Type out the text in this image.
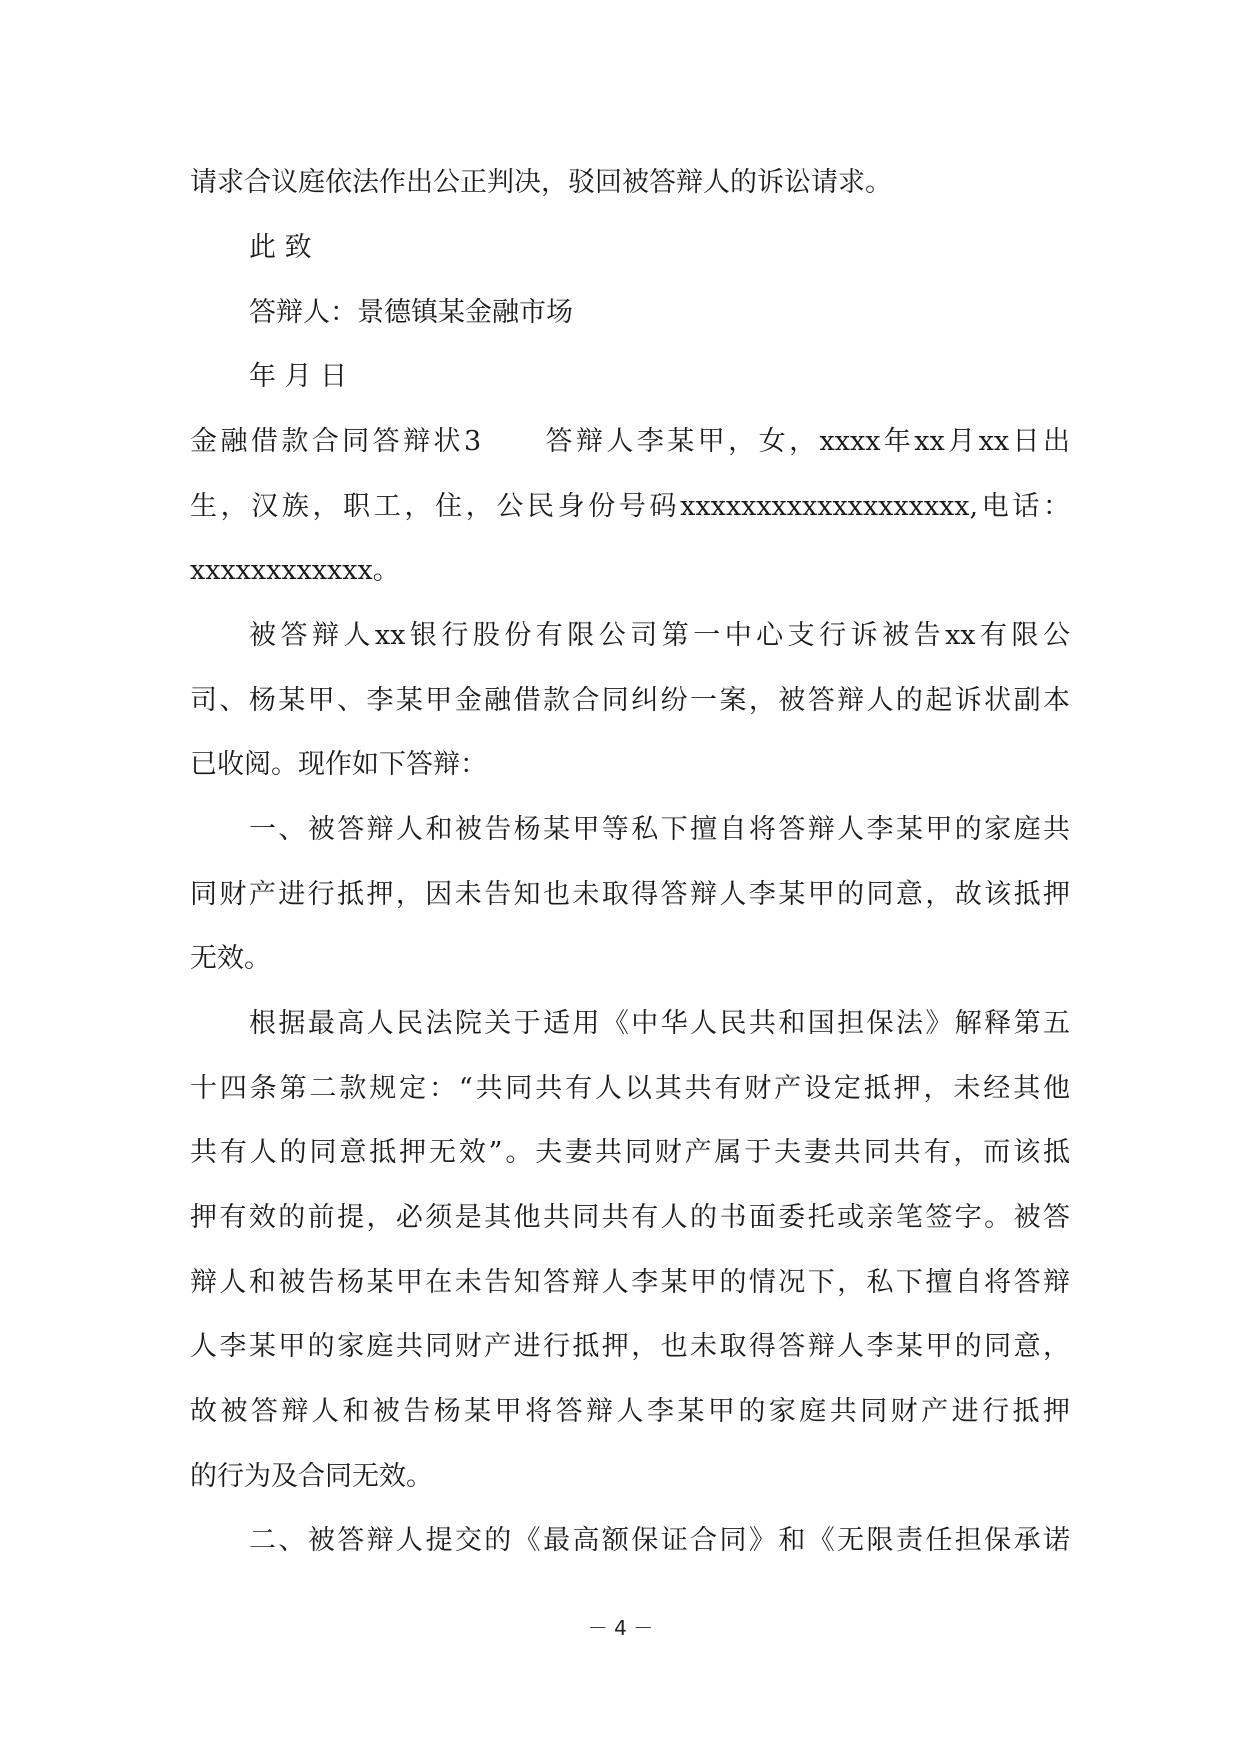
请求合议庭依法作出公正判决，驳回被答辩人的诉讼请求。

此 致

答辩人：景德镇某金融市场

年 月 日

金融借款合同答辩状3　　答辩人李某甲，女，xxxx年xx月xx日出

生，汉族，职工，住，公民身份号码xxxxxxxxxxxxxxxxxxx,电话：

xxxxxxxxxxxx。

被答辩人xx银行股份有限公司第一中心支行诉被告xx有限公

司、杨某甲、李某甲金融借款合同纠纷一案，被答辩人的起诉状副本

已收阅。现作如下答辩：

一、被答辩人和被告杨某甲等私下擅自将答辩人李某甲的家庭共

同财产进行抵押，因未告知也未取得答辩人李某甲的同意，故该抵押

无效。

根据最高人民法院关于适用《中华人民共和国担保法》解释第五

十四条第二款规定：“共同共有人以其共有财产设定抵押，未经其他

共有人的同意抵押无效”。夫妻共同财产属于夫妻共同共有，而该抵

押有效的前提，必须是其他共同共有人的书面委托或亲笔签字。被答

辩人和被告杨某甲在未告知答辩人李某甲的情况下，私下擅自将答辩

人李某甲的家庭共同财产进行抵押，也未取得答辩人李某甲的同意，

故被答辩人和被告杨某甲将答辩人李某甲的家庭共同财产进行抵押

的行为及合同无效。

二、被答辩人提交的《最高额保证合同》和《无限责任担保承诺

－ 4 －
